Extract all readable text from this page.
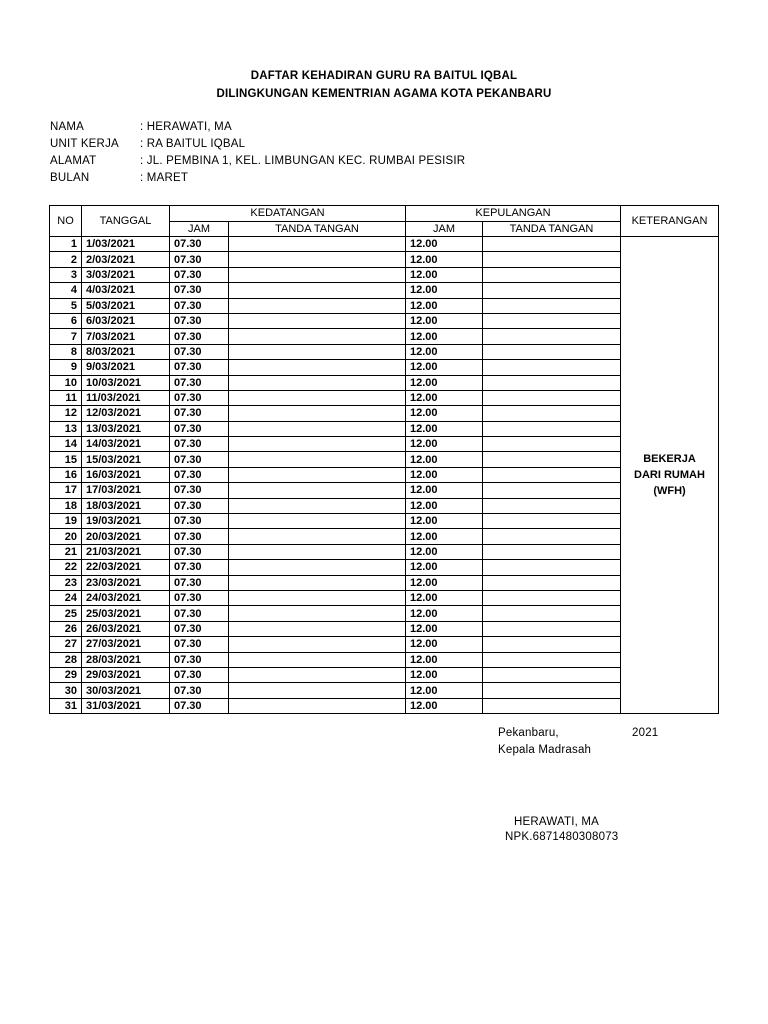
DAFTAR KEHADIRAN GURU RA BAITUL IQBAL
DILINGKUNGAN KEMENTRIAN AGAMA KOTA PEKANBARU
NAMA	: HERAWATI, MA
UNIT KERJA : RA BAITUL IQBAL
ALAMAT	: JL. PEMBINA 1, KEL. LIMBUNGAN KEC. RUMBAI PESISIR
BULAN	: MARET
NO	TANGGAL	KEDATANGAN		KEPULANGAN		KETERANGAN
		JAM	TANDA TANGAN	JAM	TANDA TANGAN	
1	1/03/2021	07.30		12.00		BEKERJA
DARI RUMAH
(WFH)

2	2/03/2021	07.30		12.00		
3	3/03/2021	07.30		12.00		
4	4/03/2021	07.30		12.00		
5	5/03/2021	07.30		12.00		
6	6/03/2021	07.30		12.00		
7	7/03/2021	07.30		12.00		
8	8/03/2021	07.30		12.00		
9	9/03/2021	07.30		12.00		
10	10/03/2021	07.30		12.00		
11	11/03/2021	07.30		12.00		
12	12/03/2021	07.30		12.00		
13	13/03/2021	07.30		12.00		
14	14/03/2021	07.30		12.00		
15	15/03/2021	07.30		12.00		
16	16/03/2021	07.30		12.00		
17	17/03/2021	07.30		12.00		
18	18/03/2021	07.30		12.00		
19	19/03/2021	07.30		12.00		
20	20/03/2021	07.30		12.00		
21	21/03/2021	07.30		12.00		
22	22/03/2021	07.30		12.00		
23	23/03/2021	07.30		12.00		
24	24/03/2021	07.30		12.00		
25	25/03/2021	07.30		12.00		
26	26/03/2021	07.30		12.00		
27	27/03/2021	07.30		12.00		
28	28/03/2021	07.30		12.00		
29	29/03/2021	07.30		12.00		
30	30/03/2021	07.30		12.00		
31	31/03/2021	07.30		12.00		
Pekanbaru,	2021
Kepala Madrasah
HERAWATI, MA
NPK.6871480308073
